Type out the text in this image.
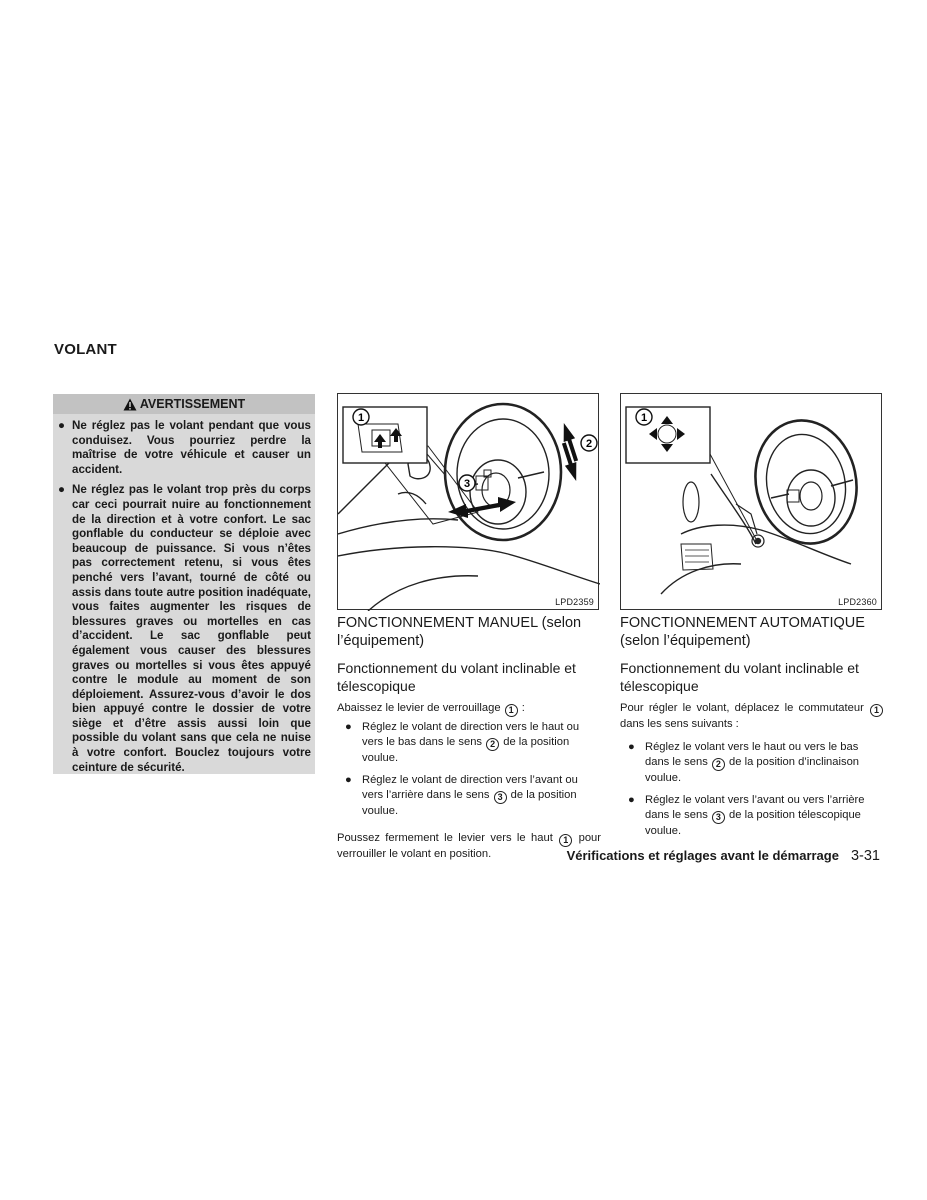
VOLANT
AVERTISSEMENT
● Ne réglez pas le volant pendant que vous conduisez. Vous pourriez perdre la maîtrise de votre véhicule et causer un accident.
● Ne réglez pas le volant trop près du corps car ceci pourrait nuire au fonctionnement de la direction et à votre confort. Le sac gonflable du conducteur se déploie avec beaucoup de puissance. Si vous n’êtes pas correctement retenu, si vous êtes penché vers l’avant, tourné de côté ou assis dans toute autre position inadéquate, vous faites augmenter les risques de blessures graves ou mortelles en cas d’accident. Le sac gonflable peut également vous causer des blessures graves ou mortelles si vous êtes appuyé contre le module au moment de son déploiement. Assurez-vous d’avoir le dos bien appuyé contre le dossier de votre siège et d’être assis aussi loin que possible du volant sans que cela ne nuise à votre confort. Bouclez toujours votre ceinture de sécurité.
1
2
3
LPD2359
1
LPD2360
FONCTIONNEMENT MANUEL (selon l’équipement)
Fonctionnement du volant inclinable et télescopique
Abaissez le levier de verrouillage 1 :
● Réglez le volant de direction vers le haut ou vers le bas dans le sens 2 de la position voulue.
● Réglez le volant de direction vers l’avant ou vers l’arrière dans le sens 3 de la position voulue.
Poussez fermement le levier vers le haut 1 pour verrouiller le volant en position.
FONCTIONNEMENT AUTOMATIQUE (selon l’équipement)
Fonctionnement du volant inclinable et télescopique
Pour régler le volant, déplacez le commutateur 1 dans les sens suivants :
● Réglez le volant vers le haut ou vers le bas dans le sens 2 de la position d’inclinaison voulue.
● Réglez le volant vers l’avant ou vers l’arrière dans le sens 3 de la position télescopique voulue.
Vérifications et réglages avant le démarrage 3-31
